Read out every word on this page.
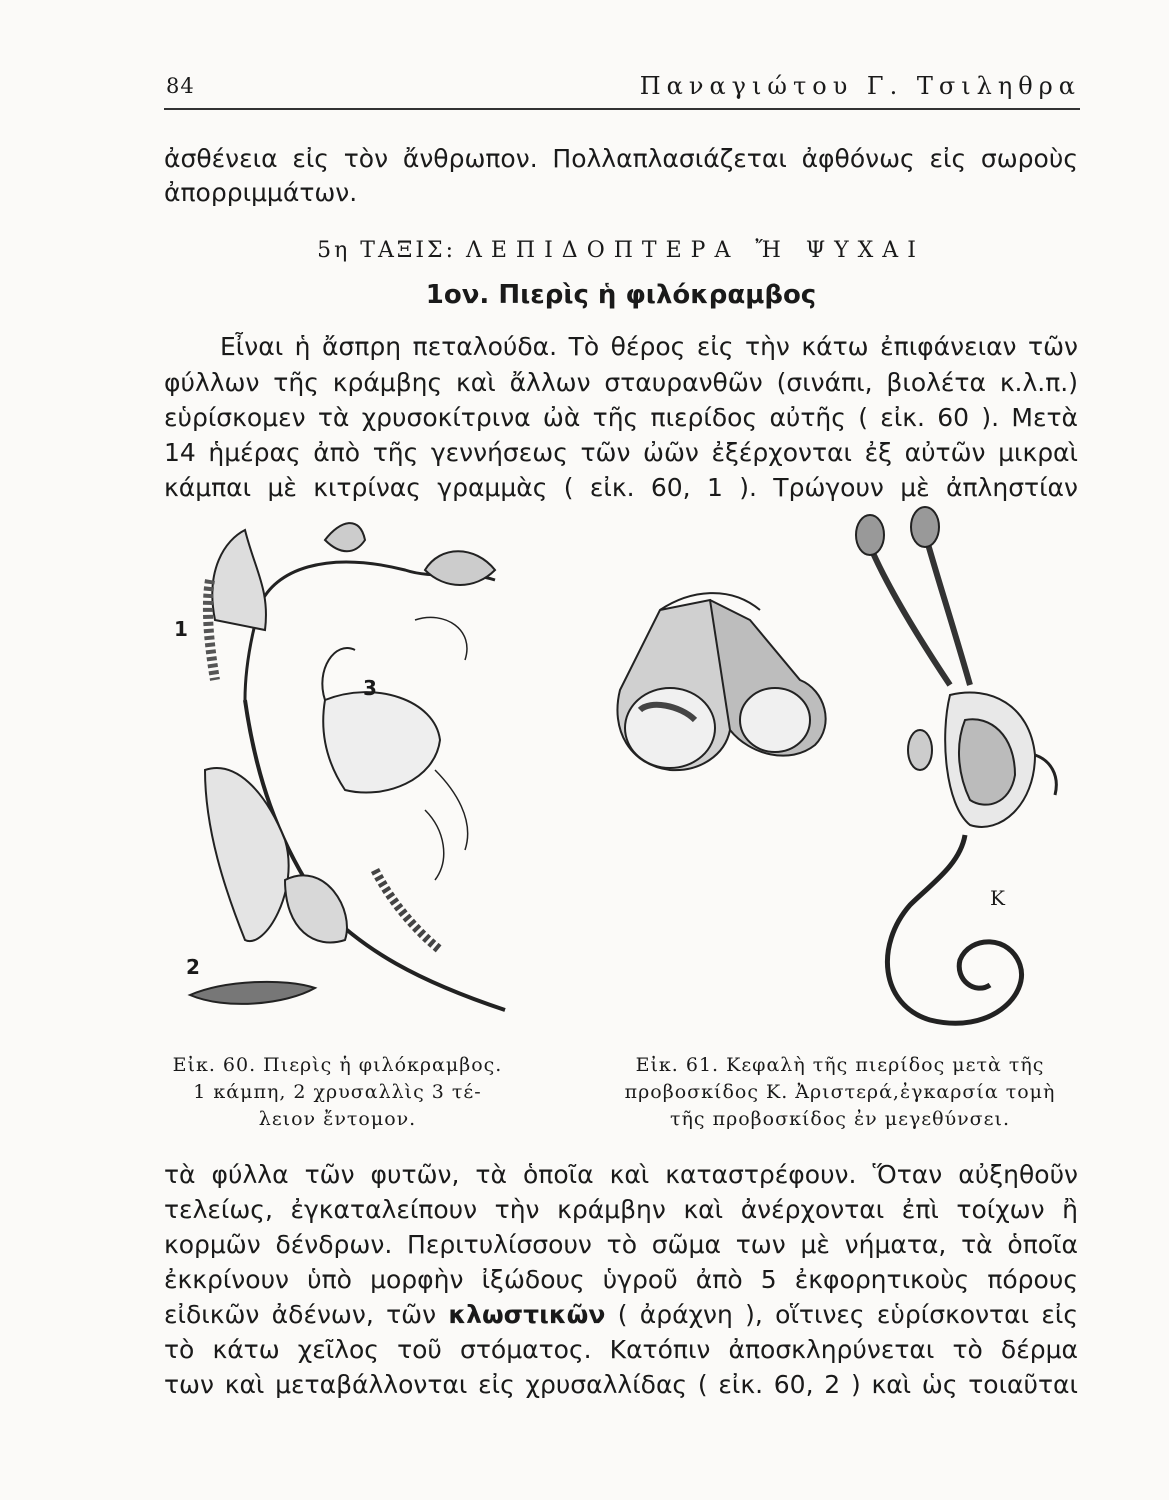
84	Παναγιώτου Γ. Τσιληθρα

ἀσθένεια εἰς τὸν ἄνθρωπον. Πολλαπλασιάζεται ἀφθόνως εἰς σωροὺς

ἀπορριμμάτων.

5η ΤΑΞΙΣ: ΛΕΠΙΔΟΠΤΕΡΑ Ἤ ΨΥΧΑΙ
1ον. Πιερὶς ἡ φιλόκραμβος

Εἶναι ἡ ἄσπρη πεταλούδα. Τὸ θέρος εἰς τὴν κάτω ἐπιφάνειαν τῶν

φύλλων τῆς κράμβης καὶ ἄλλων σταυρανθῶν (σινάπι, βιολέτα κ.λ.π.)

εὑρίσκομεν τὰ χρυσοκίτρινα ὠὰ τῆς πιερίδος αὐτῆς ( εἰκ. 60 ). Μετὰ

14 ἡμέρας ἀπὸ τῆς γεννήσεως τῶν ὠῶν ἐξέρχονται ἐξ αὐτῶν μικραὶ

κάμπαι μὲ κιτρίνας γραμμὰς ( εἰκ. 60, 1 ). Τρώγουν μὲ ἀπληστίαν

1
2
3
Κ
Εἰκ. 60. Πιερὶς ἡ φιλόκραμβος.
1 κάμπη, 2 χρυσαλλὶς 3 τέ-
λειον ἔντομον.
Εἰκ. 61. Κεφαλὴ τῆς πιερίδος μετὰ τῆς
προβοσκίδος Κ. Ἀριστερά,ἐγκαρσία τομὴ
τῆς προβοσκίδος ἐν μεγεθύνσει.

τὰ φύλλα τῶν φυτῶν, τὰ ὁποῖα καὶ καταστρέφουν. Ὅταν αὐξηθοῦν

τελείως, ἐγκαταλείπουν τὴν κράμβην καὶ ἀνέρχονται ἐπὶ τοίχων ἢ

κορμῶν δένδρων. Περιτυλίσσουν τὸ σῶμα των μὲ νήματα, τὰ ὁποῖα

ἐκκρίνουν ὑπὸ μορφὴν ἰξώδους ὑγροῦ ἀπὸ 5 ἐκφορητικοὺς πόρους

εἰδικῶν ἀδένων, τῶν κλωστικῶν ( ἀράχνη ), οἵτινες εὑρίσκονται εἰς

τὸ κάτω χεῖλος τοῦ στόματος. Κατόπιν ἀποσκληρύνεται τὸ δέρμα

των καὶ μεταβάλλονται εἰς χρυσαλλίδας ( εἰκ. 60, 2 ) καὶ ὡς τοιαῦται
